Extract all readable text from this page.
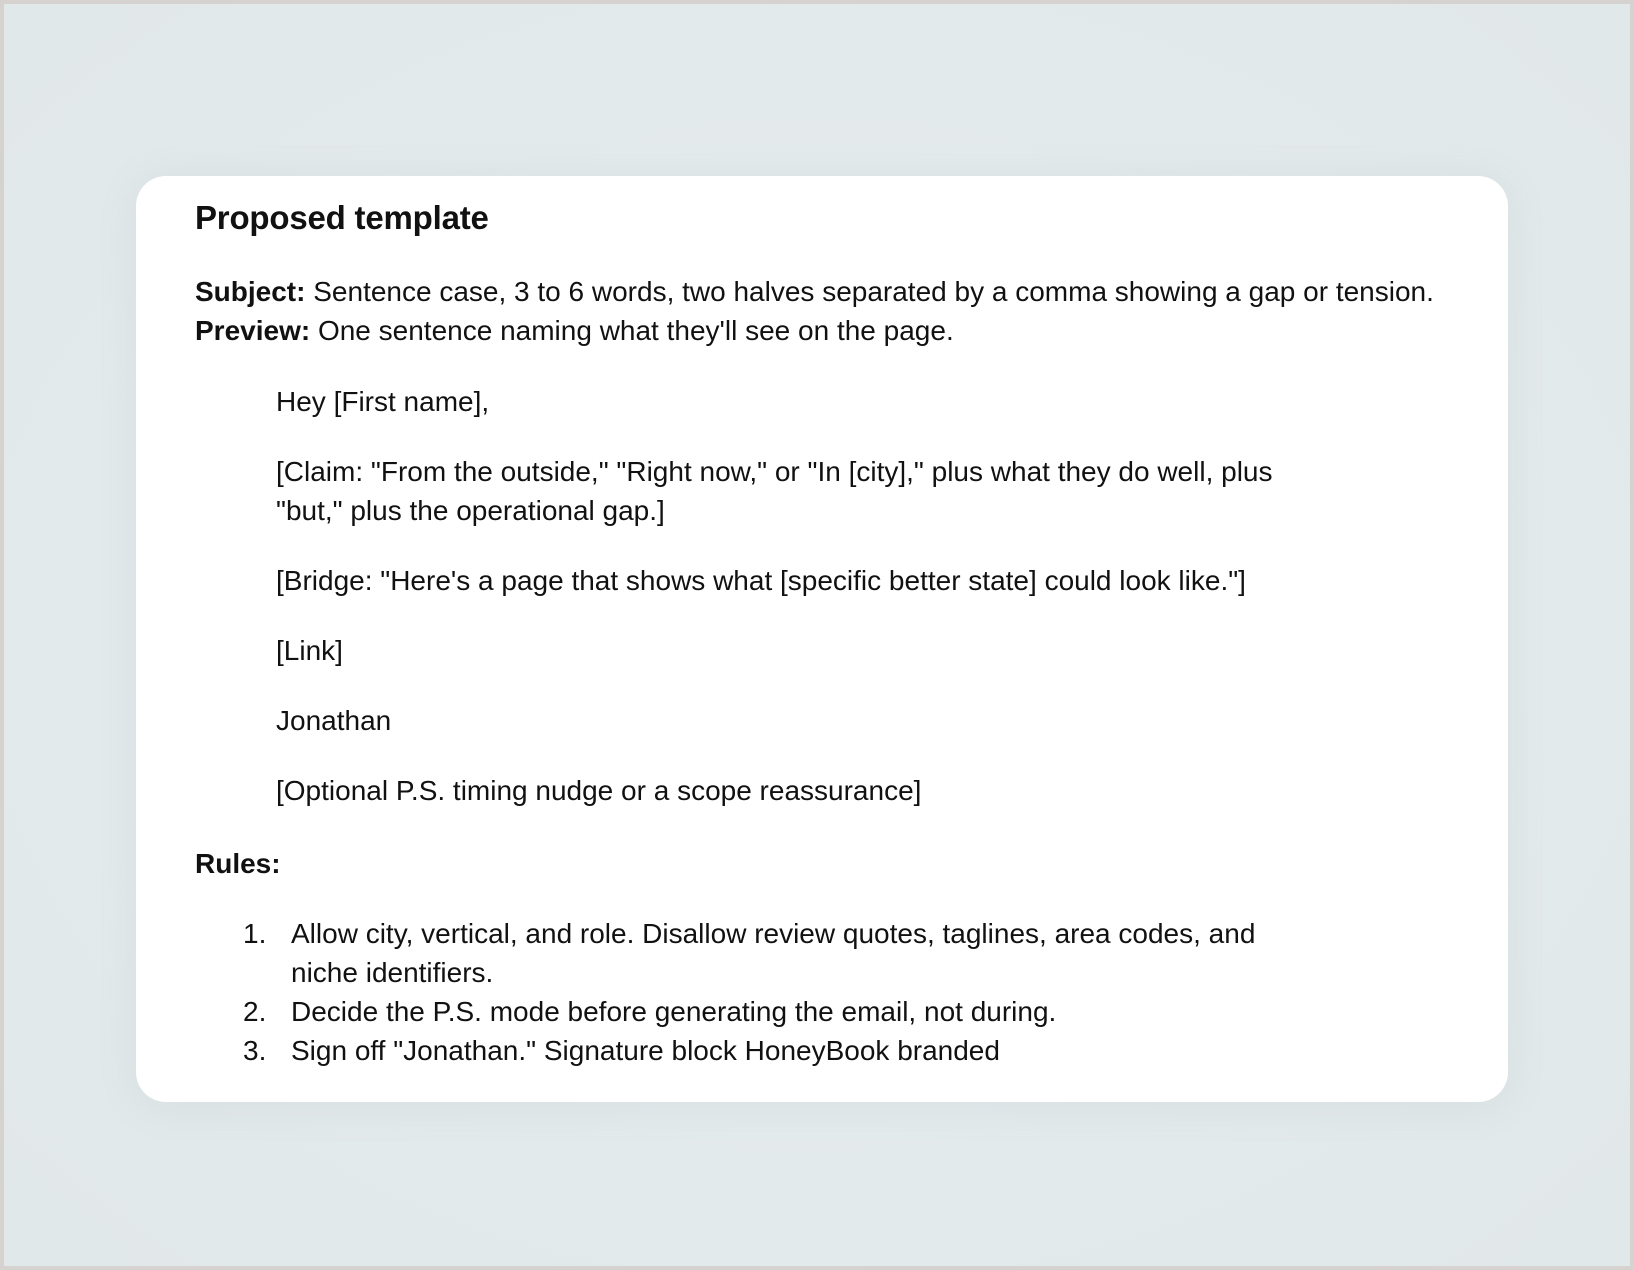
Proposed template
Subject: Sentence case, 3 to 6 words, two halves separated by a comma showing a gap or tension.
Preview: One sentence naming what they'll see on the page.

Hey [First name],

[Claim: "From the outside," "Right now," or "In [city]," plus what they do well, plus "but," plus the operational gap.]

[Bridge: "Here's a page that shows what [specific better state] could look like."]

[Link]

Jonathan

[Optional P.S. timing nudge or a scope reassurance]

Rules:
1. Allow city, vertical, and role. Disallow review quotes, taglines, area codes, and niche identifiers.
2. Decide the P.S. mode before generating the email, not during.
3. Sign off "Jonathan." Signature block HoneyBook branded
